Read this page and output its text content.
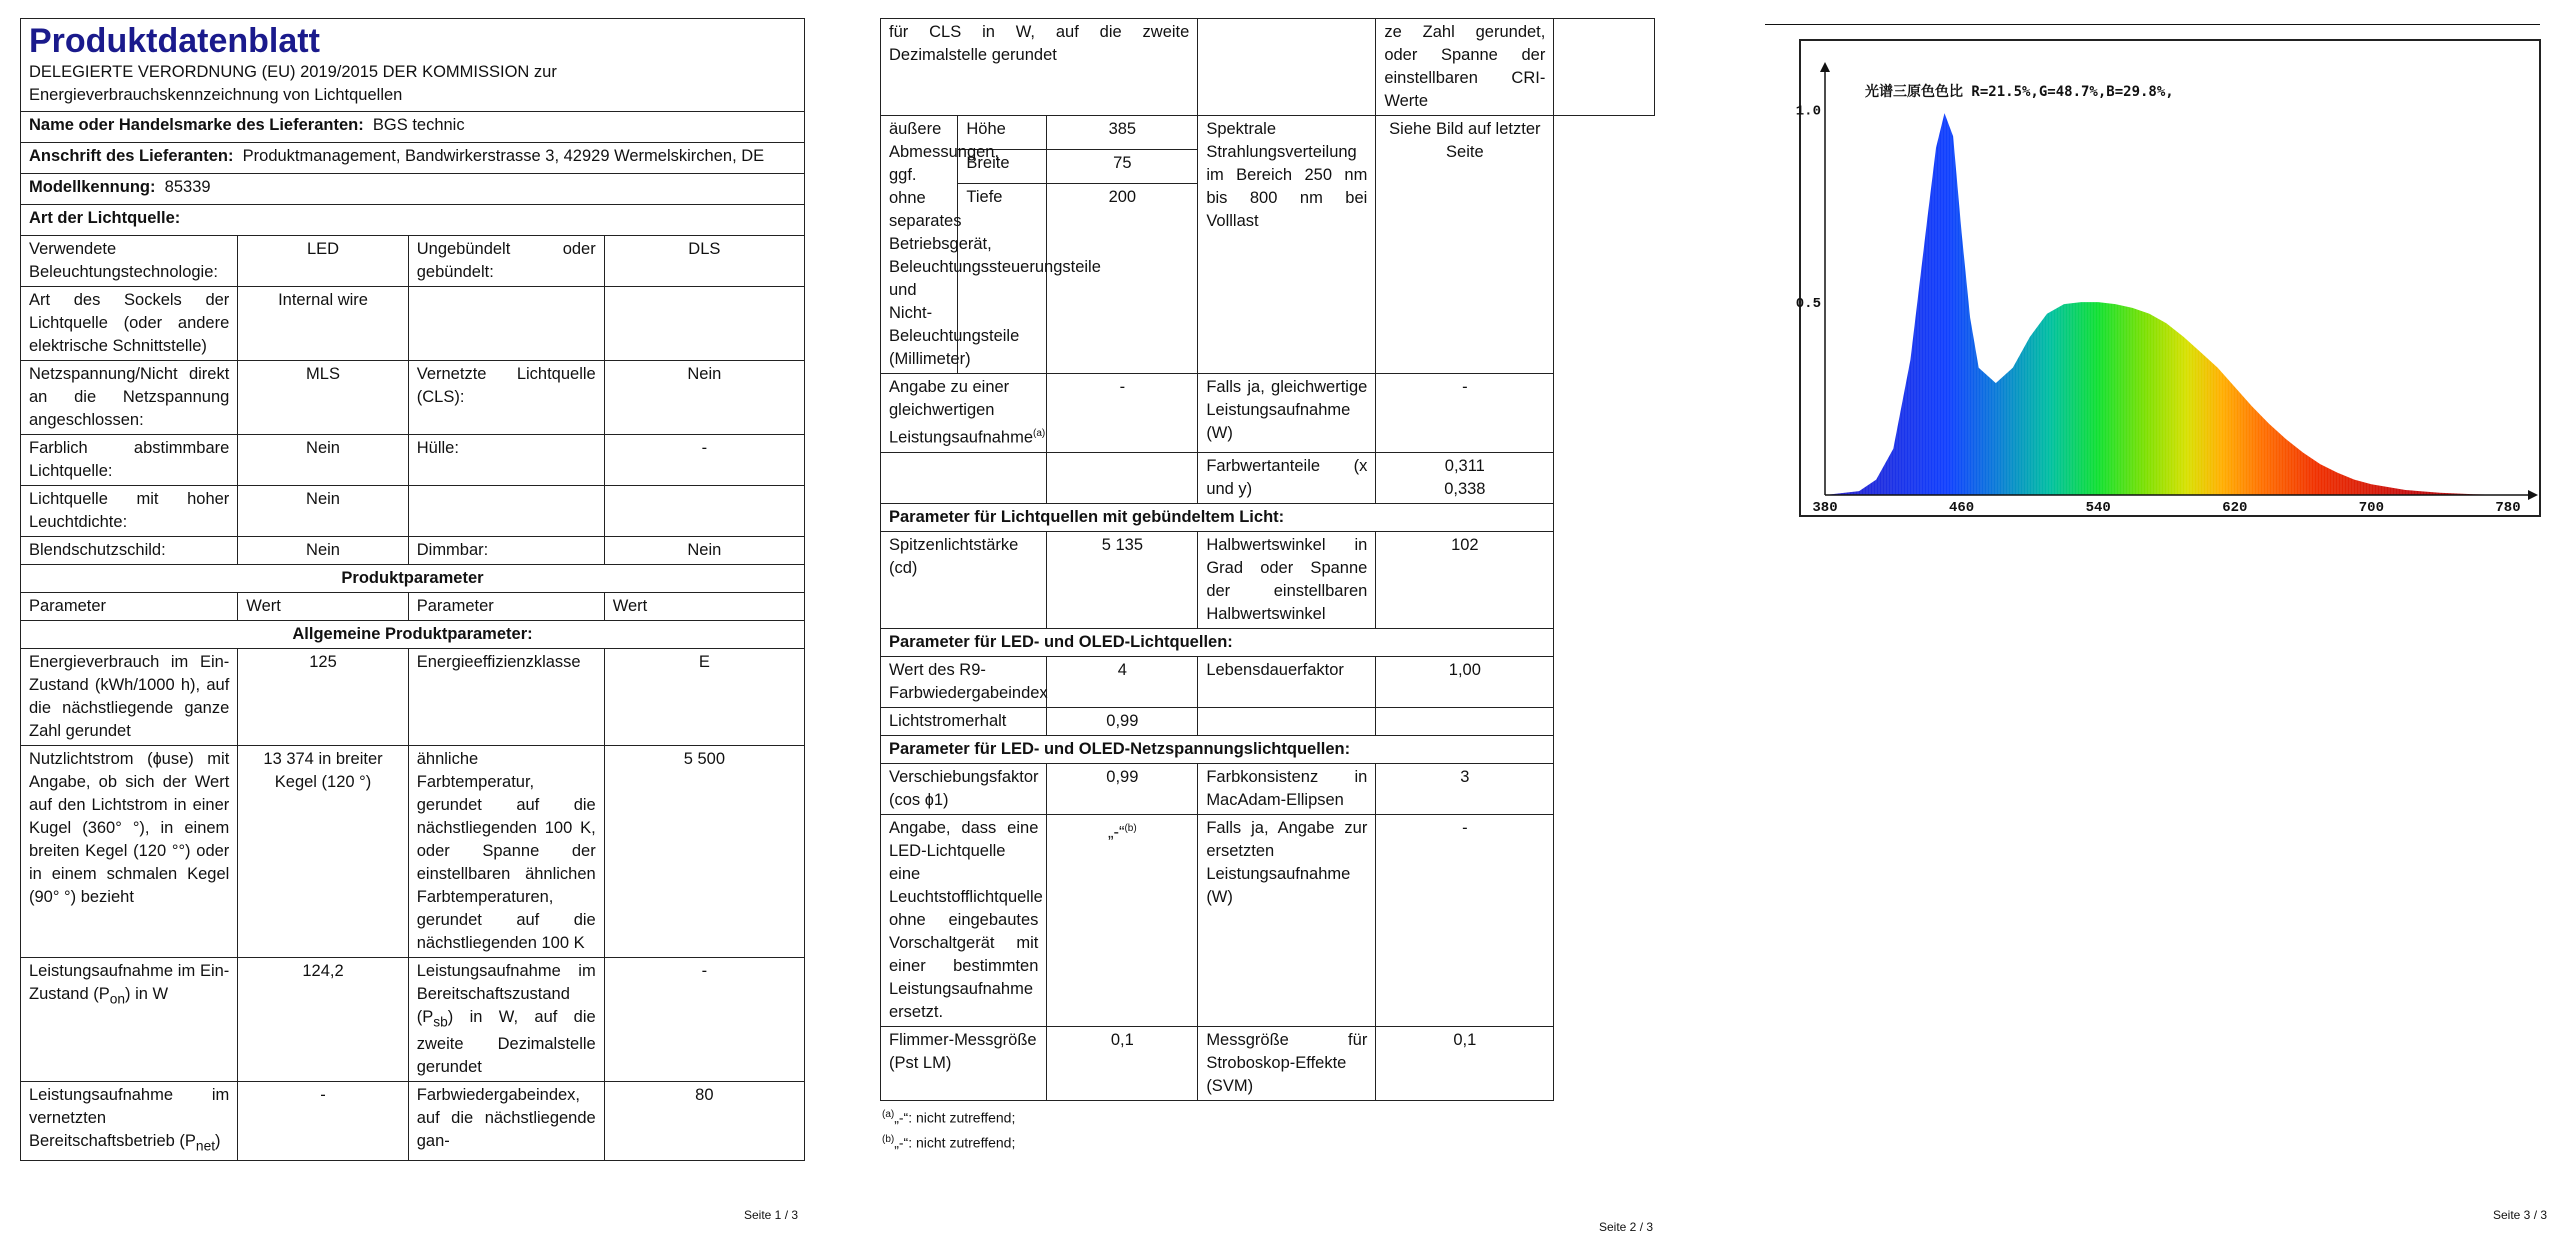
Produktdatenblatt
DELEGIERTE VERORDNUNG (EU) 2019/2015 DER KOMMISSION zur
Energieverbrauchskennzeichnung von Lichtquellen			

Name oder Handelsmarke des Lieferanten: BGS technic			
Anschrift des Lieferanten: Produktmanagement, Bandwirkerstrasse 3, 42929 Wermelskirchen, DE			
Modellkennung: 85339			
Art der Lichtquelle:			
Verwendete Beleuchtungstechnologie:	LED	Ungebündelt oder gebündelt:	DLS
Art des Sockels der Lichtquelle (oder andere elektrische Schnittstelle)	Internal wire		
Netzspannung/Nicht direkt an die Netzspannung angeschlossen:	MLS	Vernetzte Lichtquelle (CLS):	Nein
Farblich abstimmbare Lichtquelle:	Nein	Hülle:	-
Lichtquelle mit hoher Leuchtdichte:	Nein		
Blendschutzschild:	Nein	Dimmbar:	Nein
Produktparameter			
Parameter	Wert	Parameter	Wert
Allgemeine Produktparameter:			
Energieverbrauch im Ein-Zustand (kWh/1000 h), auf die nächstliegende ganze Zahl gerundet	125	Energieeffizienzklasse	E
Nutzlichtstrom (ɸuse) mit Angabe, ob sich der Wert auf den Lichtstrom in einer Kugel (360° °), in einem breiten Kegel (120 °°) oder in einem schmalen Kegel (90° °) bezieht	13 374 in breiter Kegel (120 °)	ähnliche Farbtemperatur, gerundet auf die nächstliegenden 100 K, oder Spanne der einstellbaren ähnlichen Farbtemperaturen, gerundet auf die nächstliegenden 100 K	5 500
Leistungsaufnahme im Ein-Zustand $(P_{on})$ in W	124,2	Leistungsaufnahme im Bereitschaftszustand $(P_{sb})$ in W, auf die zweite Dezimalstelle gerundet	-
Leistungsaufnahme im vernetzten Bereitschaftsbetrieb $(P_{net})$	-	Farbwiedergabeindex, auf die nächstliegende gan-	80
Seite 1 / 3
für CLS in W, auf die zweite Dezimalstelle gerundet				ze Zahl gerundet, oder Spanne der einstellbaren CRI-Werte	
äußere Abmessungen, ggf. ohne separates Betriebsgerät, Beleuchtungssteuerungsteile und Nicht-Beleuchtungsteile (Millimeter)	Höhe	385	Spektrale Strahlungsverteilung im Bereich 250 nm bis 800 nm bei Volllast	Siehe Bild auf letzter Seite	
	Breite	75			
	Tiefe	200			
Angabe zu einer gleichwertigen Leistungsaufnahme$^{(a)}$		-	Falls ja, gleichwertige Leistungsaufnahme (W)	-	
			Farbwertanteile (x und y)	0,311
0,338	

Parameter für Lichtquellen mit gebündeltem Licht:					
Spitzenlichtstärke (cd)		5 135	Halbwertswinkel in Grad oder Spanne der einstellbaren Halbwertswinkel	102	
Parameter für LED- und OLED-Lichtquellen:					
Wert des R9-Farbwiedergabeindex		4	Lebensdauerfaktor	1,00	
Lichtstromerhalt		0,99			
Parameter für LED- und OLED-Netzspannungslichtquellen:					
Verschiebungsfaktor (cos ɸ1)		0,99	Farbkonsistenz in MacAdam-Ellipsen	3	
Angabe, dass eine LED-Lichtquelle eine Leuchtstofflichtquelle ohne eingebautes Vorschaltgerät mit einer bestimmten Leistungsaufnahme ersetzt.		„-“$^{(b)}$	Falls ja, Angabe zur ersetzten Leistungsaufnahme (W)	-	
Flimmer-Messgröße (Pst LM)		0,1	Messgröße für Stroboskop-Effekte (SVM)	0,1	
$^{(a)}$„-“: nicht zutreffend;
$^{(b)}$„-“: nicht zutreffend;
Seite 2 / 3
380	460	540	620	700	780
1.0
0.5
光谱三原色色比 R=21.5%,G=48.7%,B=29.8%,
Seite 3 / 3
